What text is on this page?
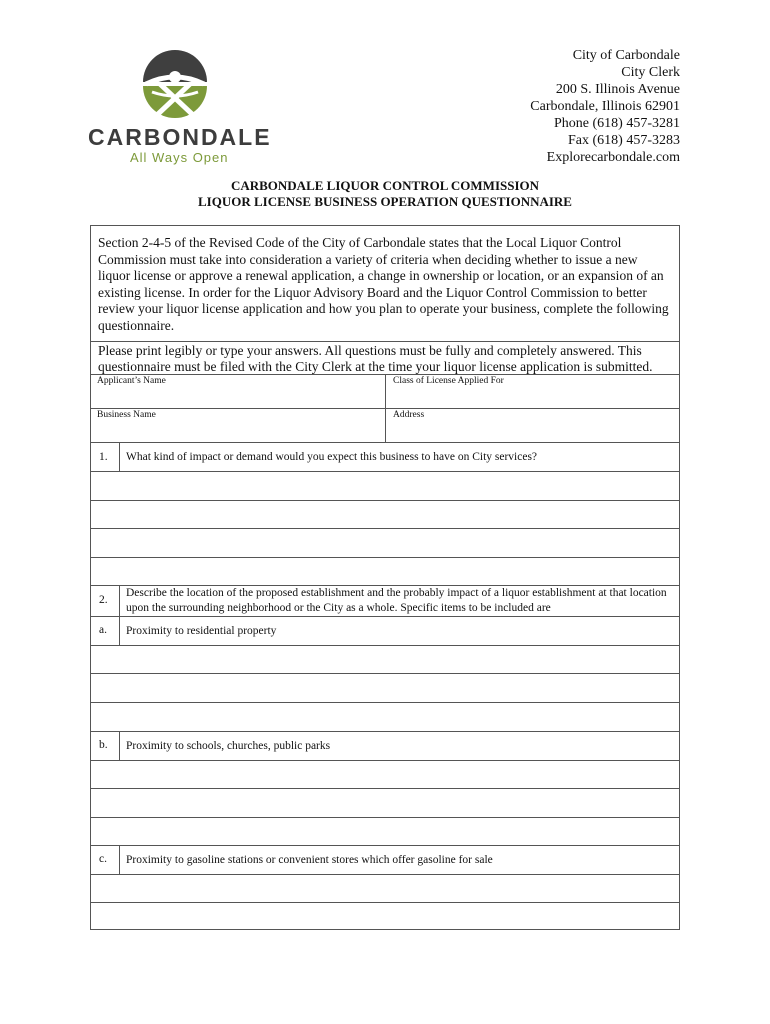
CARBONDALE
All Ways Open
City of Carbondale
City Clerk
200 S. Illinois Avenue
Carbondale, Illinois 62901
Phone (618) 457-3281
Fax (618) 457-3283
Explorecarbondale.com
CARBONDALE LIQUOR CONTROL COMMISSION
LIQUOR LICENSE BUSINESS OPERATION QUESTIONNAIRE
Section 2-4-5 of the Revised Code of the City of Carbondale states that the Local Liquor Control Commission must take into consideration a variety of criteria when deciding whether to issue a new liquor license or approve a renewal application, a change in ownership or location, or an expansion of an existing license. In order for the Liquor Advisory Board and the Liquor Control Commission to better review your liquor license application and how you plan to operate your business, complete the following questionnaire.
Please print legibly or type your answers. All questions must be fully and completely answered. This questionnaire must be filed with the City Clerk at the time your liquor license application is submitted.
Applicant’s Name	Class of License Applied For
Business Name	Address
1. What kind of impact or demand would you expect this business to have on City services?
2.
Describe the location of the proposed establishment and the probably impact of a liquor establishment at that location upon the surrounding neighborhood or the City as a whole. Specific items to be included are
a. Proximity to residential property
b. Proximity to schools, churches, public parks
c. Proximity to gasoline stations or convenient stores which offer gasoline for sale
